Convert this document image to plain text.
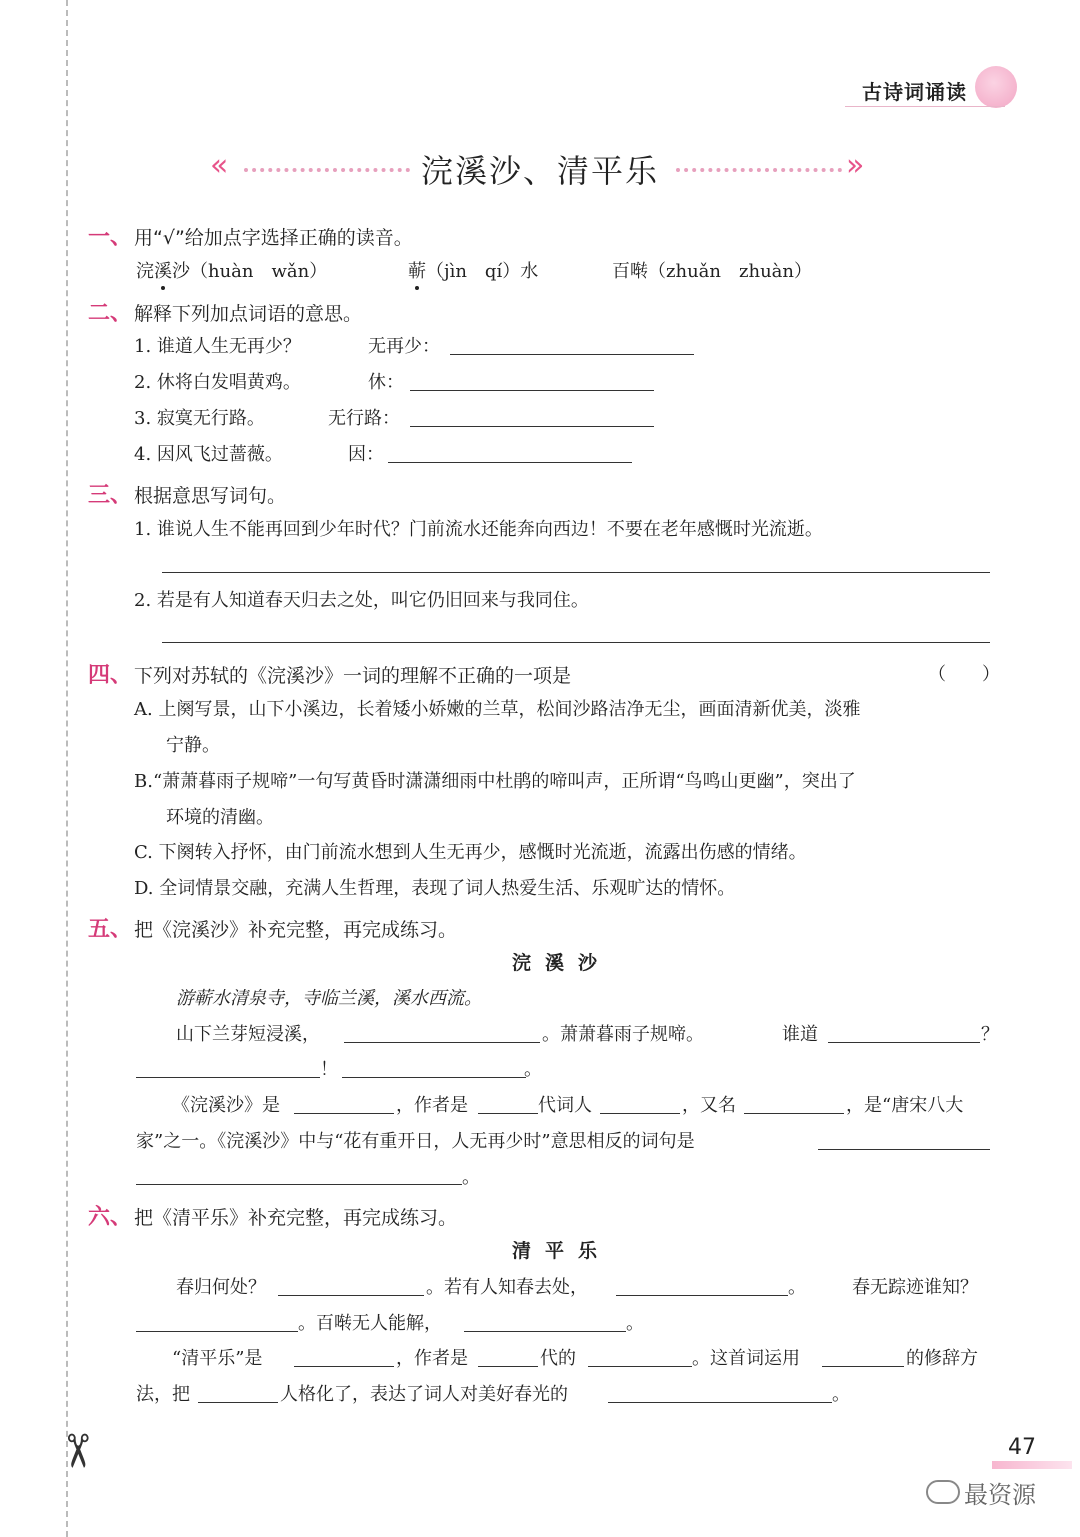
✂
古诗词诵读
«	浣溪沙、清平乐	»
一、 用“√”给加点字选择正确的读音。
浣溪沙（huàn　wǎn）	蕲（jìn　qí）水	百啭（zhuǎn　zhuàn）
二、 解释下列加点词语的意思。
1. 谁道人生无再少？	无再少：
2. 休将白发唱黄鸡。	休：
3. 寂寞无行路。	无行路：
4. 因风飞过蔷薇。	因：
三、 根据意思写词句。
1. 谁说人生不能再回到少年时代？门前流水还能奔向西边！不要在老年感慨时光流逝。
2. 若是有人知道春天归去之处，叫它仍旧回来与我同住。
四、 下列对苏轼的《浣溪沙》一词的理解不正确的一项是	（　　）
A. 上阕写景，山下小溪边，长着矮小娇嫩的兰草，松间沙路洁净无尘，画面清新优美，淡雅
宁静。
B.“萧萧暮雨子规啼”一句写黄昏时潇潇细雨中杜鹃的啼叫声，正所谓“鸟鸣山更幽”，突出了
环境的清幽。
C. 下阕转入抒怀，由门前流水想到人生无再少，感慨时光流逝，流露出伤感的情绪。
D. 全词情景交融，充满人生哲理，表现了词人热爱生活、乐观旷达的情怀。
五、 把《浣溪沙》补充完整，再完成练习。
浣溪沙
游蕲水清泉寺，寺临兰溪，溪水西流。
山下兰芽短浸溪，	。萧萧暮雨子规啼。	谁道	？
！	。
《浣溪沙》是	，作者是	代词人	，又名	，是“唐宋八大
家”之一。《浣溪沙》中与“花有重开日，人无再少时”意思相反的词句是
。
六、 把《清平乐》补充完整，再完成练习。
清平乐
春归何处？	。若有人知春去处，	。	春无踪迹谁知？
。百啭无人能解，	。
“清平乐”是	，作者是	代的	。这首词运用	的修辞方
法，把	人格化了，表达了词人对美好春光的	。
47
最资源
